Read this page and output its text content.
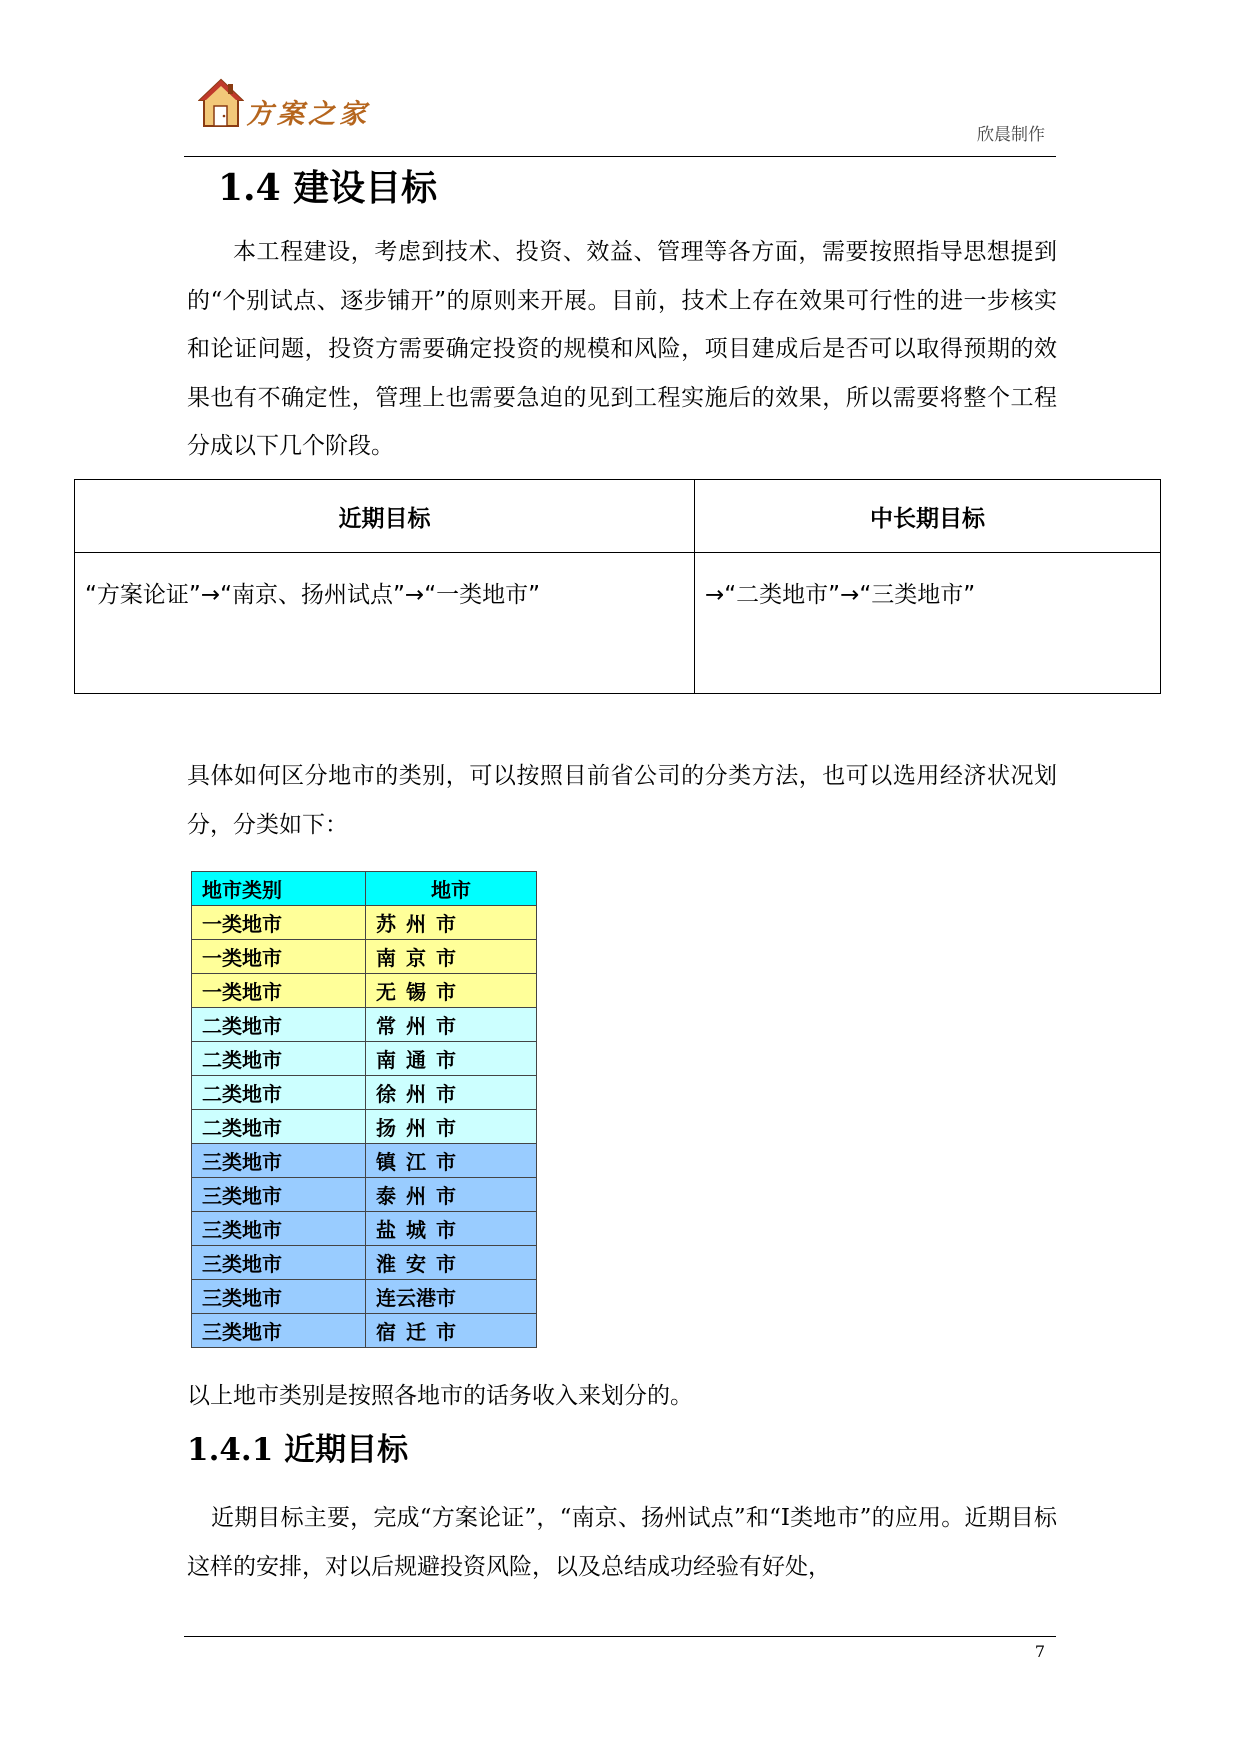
方案之家
欣晨制作
1.4 建设目标

本工程建设，考虑到技术、投资、效益、管理等各方面，需要按照指导思想提到的“个别试点、逐步铺开”的原则来开展。目前，技术上存在效果可行性的进一步核实和论证问题，投资方需要确定投资的规模和风险，项目建成后是否可以取得预期的效果也有不确定性，管理上也需要急迫的见到工程实施后的效果，所以需要将整个工程分成以下几个阶段。

近期目标	中长期目标
“方案论证”→“南京、扬州试点”→“一类地市”	→“二类地市”→“三类地市”

具体如何区分地市的类别，可以按照目前省公司的分类方法，也可以选用经济状况划分，分类如下：

地市类别	地市
一类地市	苏州市
一类地市	南京市
一类地市	无锡市
二类地市	常州市
二类地市	南通市
二类地市	徐州市
二类地市	扬州市
三类地市	镇江市
三类地市	泰州市
三类地市	盐城市
三类地市	淮安市
三类地市	连云港市
三类地市	宿迁市

以上地市类别是按照各地市的话务收入来划分的。

1.4.1 近期目标

近期目标主要，完成“方案论证”，“南京、扬州试点”和“I类地市”的应用。近期目标这样的安排，对以后规避投资风险，以及总结成功经验有好处，

7
